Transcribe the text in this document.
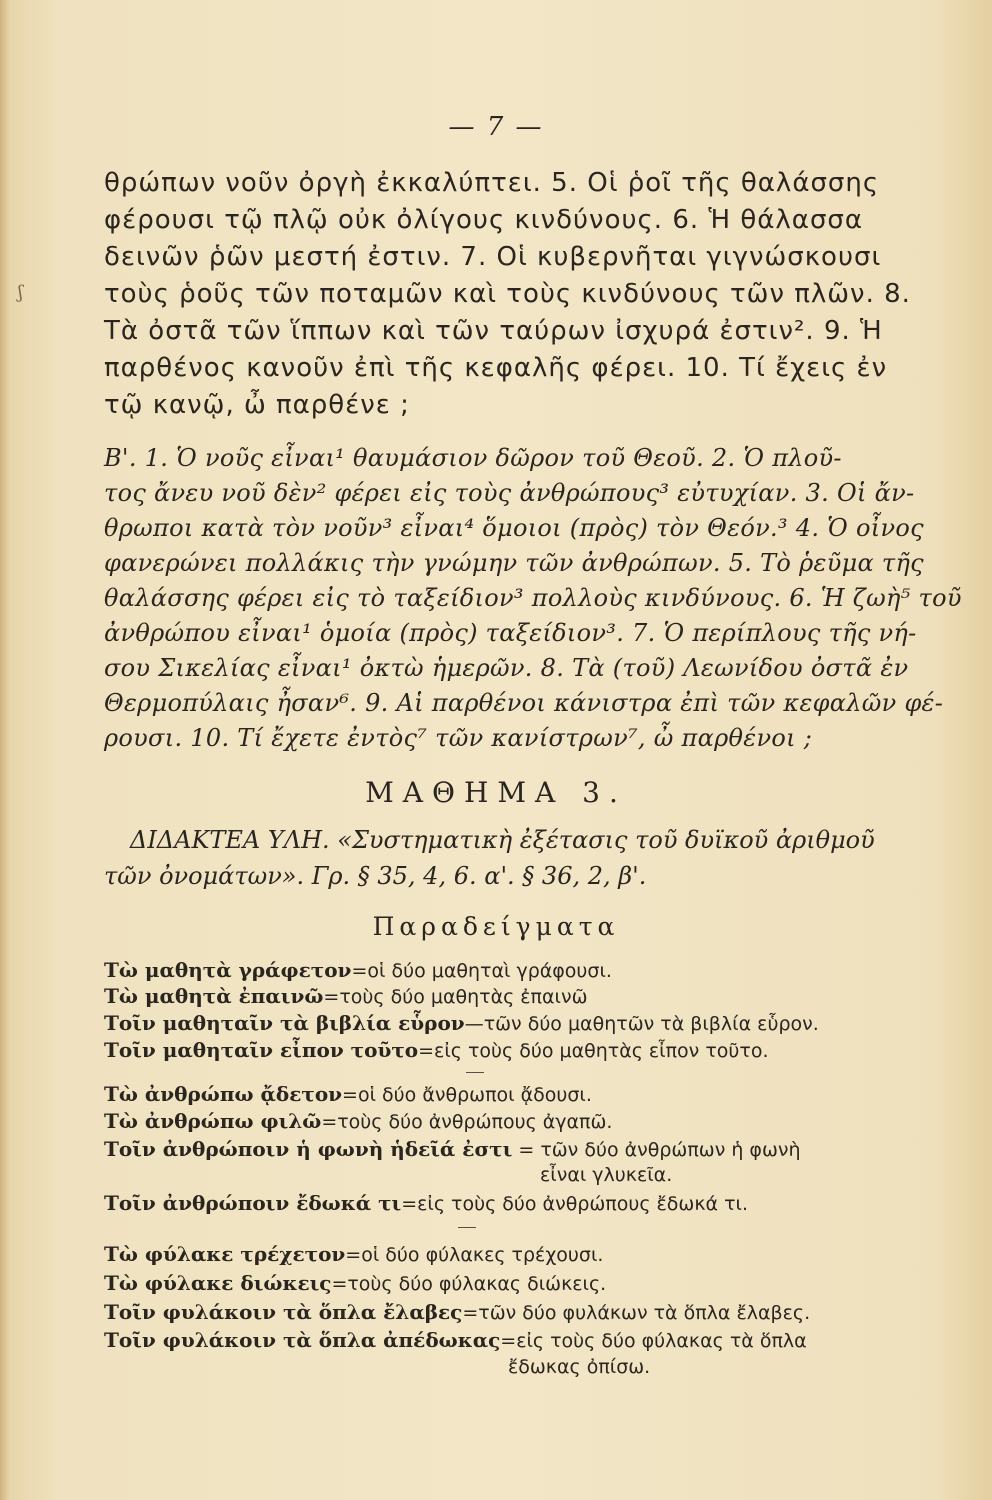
ʃ
— 7 —
θρώπων νοῦν ὀργὴ ἐκκαλύπτει. 5. Οἱ ῥοῖ τῆς θαλάσσης
φέρουσι τῷ πλῷ οὐκ ὀλίγους κινδύνους. 6. Ἡ θάλασσα
δεινῶν ῥῶν μεστή ἐστιν. 7. Οἱ κυβερνῆται γιγνώσκουσι
τοὺς ῥοῦς τῶν ποταμῶν καὶ τοὺς κινδύνους τῶν πλῶν. 8.
Τὰ ὀστᾶ τῶν ἵππων καὶ τῶν ταύρων ἰσχυρά ἐστιν². 9. Ἡ
παρθένος κανοῦν ἐπὶ τῆς κεφαλῆς φέρει. 10. Τί ἔχεις ἐν
τῷ κανῷ, ὦ παρθένε ;
Β'. 1. Ὁ νοῦς εἶναι¹ θαυμάσιον δῶρον τοῦ Θεοῦ. 2. Ὁ πλοῦ-
τος ἄνευ νοῦ δὲν² φέρει εἰς τοὺς ἀνθρώπους³ εὐτυχίαν. 3. Οἱ ἄν-
θρωποι κατὰ τὸν νοῦν³ εἶναι⁴ ὅμοιοι (πρὸς) τὸν Θεόν.³ 4. Ὁ οἶνος
φανερώνει πολλάκις τὴν γνώμην τῶν ἀνθρώπων. 5. Τὸ ῥεῦμα τῆς
θαλάσσης φέρει εἰς τὸ ταξείδιον³ πολλοὺς κινδύνους. 6. Ἡ ζωὴ⁵ τοῦ
ἀνθρώπου εἶναι¹ ὁμοία (πρὸς) ταξείδιον³. 7. Ὁ περίπλους τῆς νή-
σου Σικελίας εἶναι¹ ὀκτὼ ἡμερῶν. 8. Τὰ (τοῦ) Λεωνίδου ὀστᾶ ἐν
Θερμοπύλαις ἦσαν⁶. 9. Αἱ παρθένοι κάνιστρα ἐπὶ τῶν κεφαλῶν φέ-
ρουσι. 10. Τί ἔχετε ἐντὸς⁷ τῶν κανίστρων⁷, ὦ παρθένοι ;
ΜΑΘΗΜΑ 3.
ΔΙΔΑΚΤΕΑ ΥΛΗ. «Συστηματικὴ ἐξέτασις τοῦ δυϊκοῦ ἀριθμοῦ
τῶν ὀνομάτων». Γρ. § 35, 4, 6. α'. § 36, 2, β'.
Παραδείγματα
Τὼ μαθητὰ γράφετον=οἱ δύο μαθηταὶ γράφουσι.
Τὼ μαθητὰ ἐπαινῶ=τοὺς δύο μαθητὰς ἐπαινῶ
Τοῖν μαθηταῖν τὰ βιβλία εὗρον—τῶν δύο μαθητῶν τὰ βιβλία εὗρον.
Τοῖν μαθηταῖν εἶπον τοῦτο=εἰς τοὺς δύο μαθητὰς εἶπον τοῦτο.
Τὼ ἀνθρώπω ᾄδετον=οἱ δύο ἄνθρωποι ᾄδουσι.
Τὼ ἀνθρώπω φιλῶ=τοὺς δύο ἀνθρώπους ἀγαπῶ.
Τοῖν ἀνθρώποιν ἡ φωνὴ ἡδεῖά ἐστι = τῶν δύο ἀνθρώπων ἡ φωνὴ
εἶναι γλυκεῖα.
Τοῖν ἀνθρώποιν ἔδωκά τι=εἰς τοὺς δύο ἀνθρώπους ἔδωκά τι.
Τὼ φύλακε τρέχετον=οἱ δύο φύλακες τρέχουσι.
Τὼ φύλακε διώκεις=τοὺς δύο φύλακας διώκεις.
Τοῖν φυλάκοιν τὰ ὅπλα ἔλαβες=τῶν δύο φυλάκων τὰ ὅπλα ἔλαβες.
Τοῖν φυλάκοιν τὰ ὅπλα ἀπέδωκας=εἰς τοὺς δύο φύλακας τὰ ὅπλα
ἔδωκας ὀπίσω.
